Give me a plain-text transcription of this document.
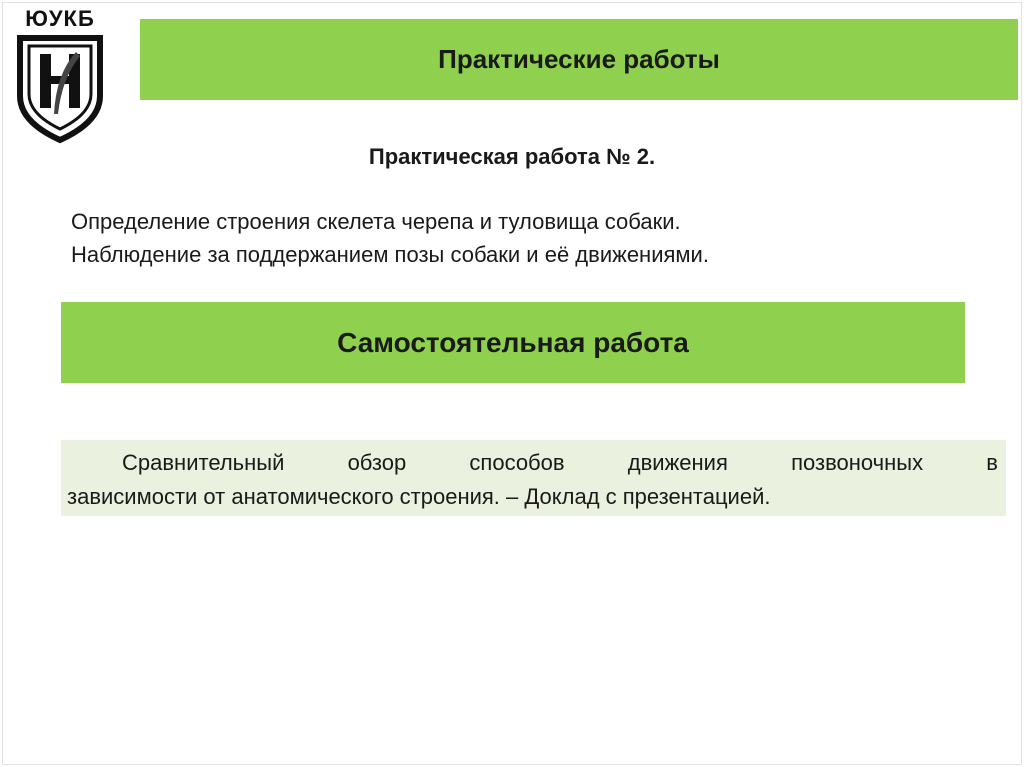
ЮУКБ
Практические работы
Практическая работа № 2.
Определение строения скелета черепа и туловища собаки.
Наблюдение за поддержанием позы собаки и её движениями.
Самостоятельная работа
Сравнительный	обзор	способов	движения	позвоночных	в
зависимости от анатомического строения. – Доклад с презентацией.
